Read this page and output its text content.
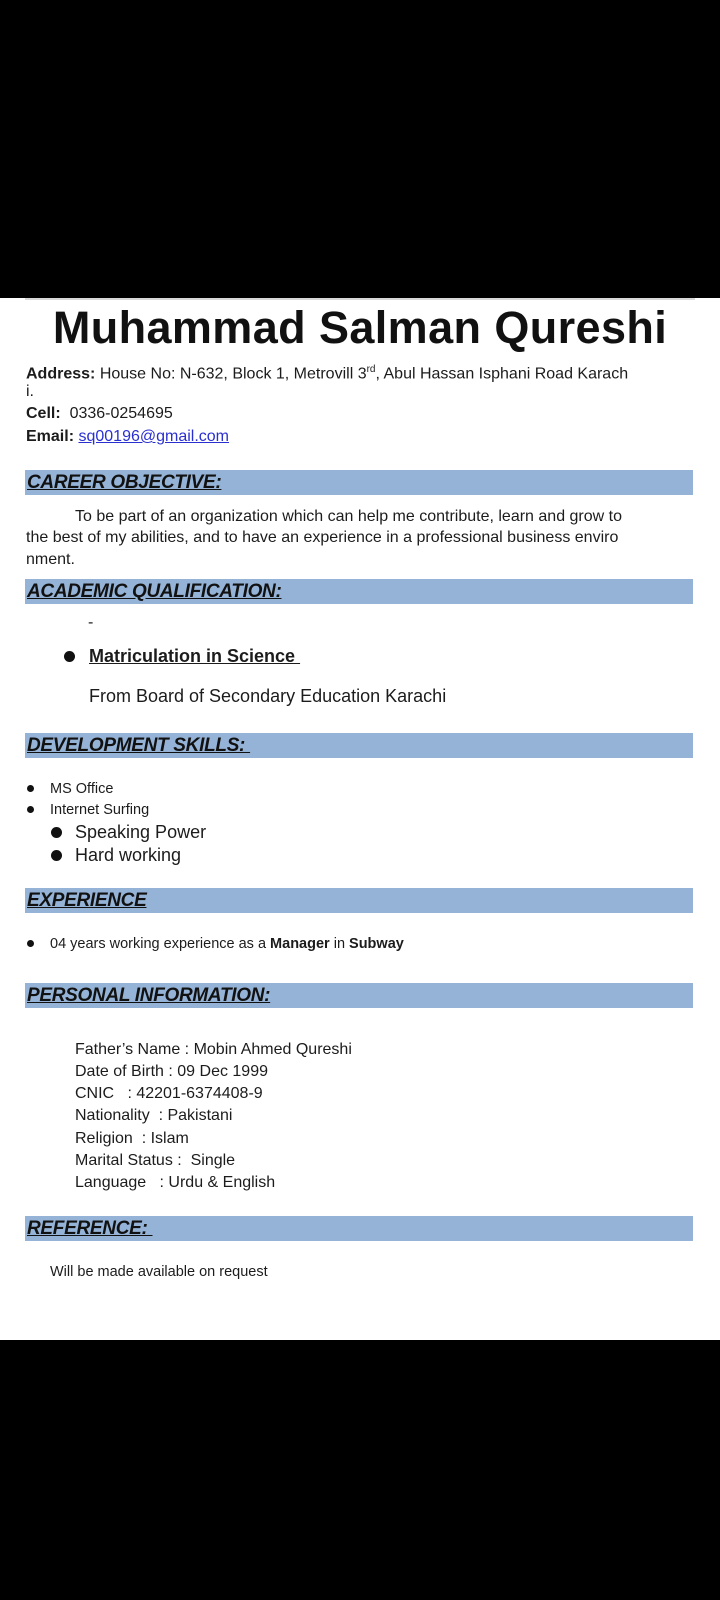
Muhammad Salman Qureshi
Address: House No: N-632, Block 1, Metrovill 3rd, Abul Hassan Isphani Road Karach
i.
Cell: 0336-0254695
Email: sq00196@gmail.com
CAREER OBJECTIVE:
To be part of an organization which can help me contribute, learn and grow to
the best of my abilities, and to have an experience in a professional business enviro
nment.
ACADEMIC QUALIFICATION:
-
Matriculation in Science
From Board of Secondary Education Karachi
DEVELOPMENT SKILLS:
MS Office
Internet Surfing
Speaking Power
Hard working
EXPERIENCE
04 years working experience as a Manager in Subway
PERSONAL INFORMATION:
Father’s Name : Mobin Ahmed Qureshi
Date of Birth : 09 Dec 1999
CNIC   : 42201-6374408-9
Nationality  : Pakistani
Religion  : Islam
Marital Status :  Single
Language   : Urdu & English
REFERENCE:
Will be made available on request
